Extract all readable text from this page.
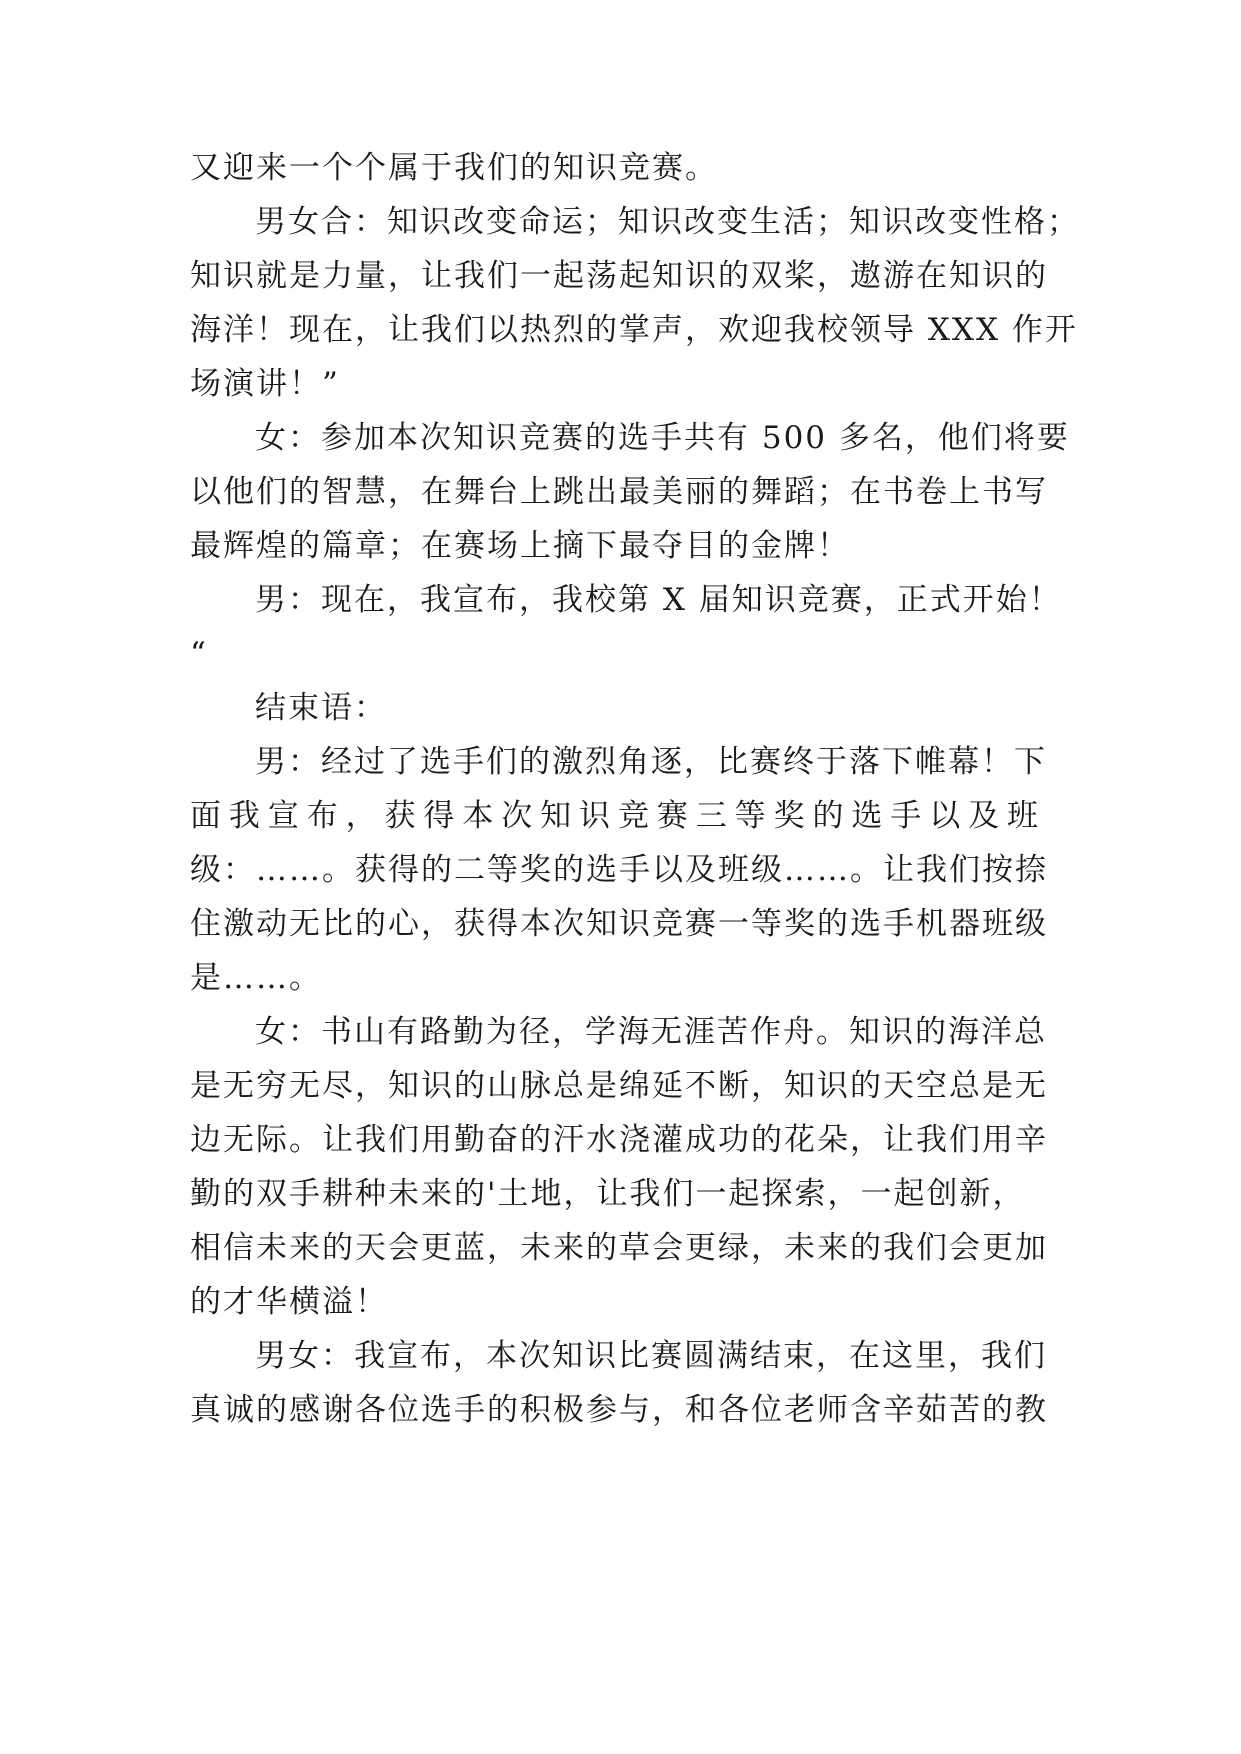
又迎来一个个属于我们的知识竞赛。
男女合：知识改变命运；知识改变生活；知识改变性格；
知识就是力量，让我们一起荡起知识的双桨，遨游在知识的
海洋！现在，让我们以热烈的掌声，欢迎我校领导 XXX 作开
场演讲！”
女：参加本次知识竞赛的选手共有 500 多名，他们将要
以他们的智慧，在舞台上跳出最美丽的舞蹈；在书卷上书写
最辉煌的篇章；在赛场上摘下最夺目的金牌！
男：现在，我宣布，我校第 X 届知识竞赛，正式开始！
“
结束语：
男：经过了选手们的激烈角逐，比赛终于落下帷幕！下
面我宣布，获得本次知识竞赛三等奖的选手以及班
级：……。获得的二等奖的选手以及班级……。让我们按捺
住激动无比的心，获得本次知识竞赛一等奖的选手机器班级
是……。
女：书山有路勤为径，学海无涯苦作舟。知识的海洋总
是无穷无尽，知识的山脉总是绵延不断，知识的天空总是无
边无际。让我们用勤奋的汗水浇灌成功的花朵，让我们用辛
勤的双手耕种未来的'土地，让我们一起探索，一起创新，
相信未来的天会更蓝，未来的草会更绿，未来的我们会更加
的才华横溢！
男女：我宣布，本次知识比赛圆满结束，在这里，我们
真诚的感谢各位选手的积极参与，和各位老师含辛茹苦的教
